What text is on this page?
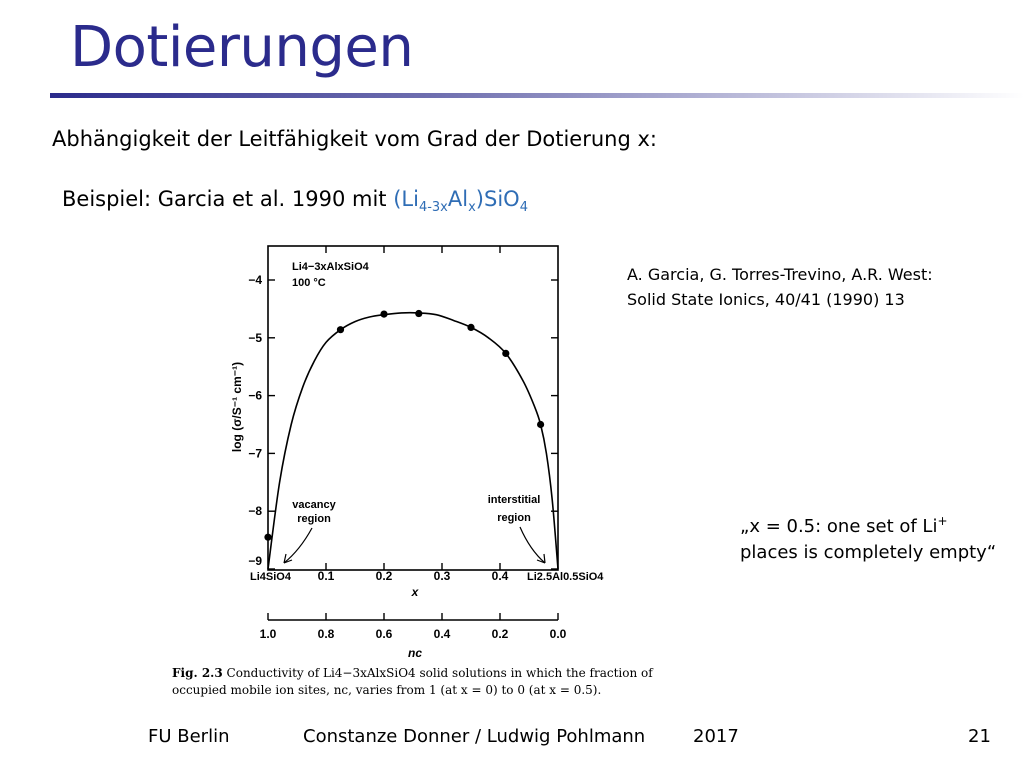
Dotierungen
Abhängigkeit der Leitfähigkeit vom Grad der Dotierung x:
Beispiel: Garcia et al. 1990 mit $(Li_{4-3x}Al_x)SiO_4$
A. Garcia, G. Torres-Trevino, A.R. West:
Solid State Ionics, 40/41 (1990) 13
„x = 0.5: one set of Li+ places is completely empty“
−4
−5
−6
−7
−8
−9
0.1	0.2	0.3	0.4
1.0	0.8	0.6	0.4	0.2	0.0
log (σ/S⁻¹ cm⁻¹)
x
nc
Li4−3xAlxSiO4
100 °C
vacancy
region
interstitial
region
Li4SiO4	Li2.5Al0.5SiO4
Fig. 2.3 Conductivity of Li4−3xAlxSiO4 solid solutions in which the fraction of occupied mobile ion sites, nc, varies from 1 (at x = 0) to 0 (at x = 0.5).
FU Berlin	Constanze Donner / Ludwig Pohlmann	2017	21
